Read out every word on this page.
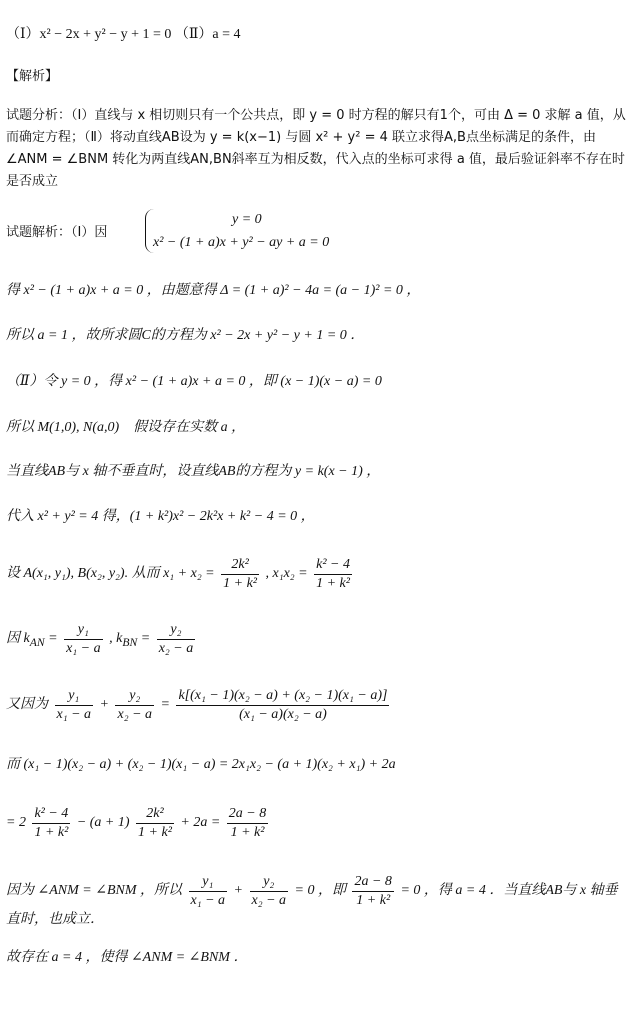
（Ⅰ）x² − 2x + y² − y + 1 = 0 （Ⅱ）a = 4
【解析】
试题分析：（Ⅰ）直线与 x 相切则只有一个公共点，即 y = 0 时方程的解只有1个，可由 Δ = 0 求解 a 值，从而确定方程；（Ⅱ）将动直线AB设为 y = k(x−1) 与圆 x² + y² = 4 联立求得A,B点坐标满足的条件，由 ∠ANM = ∠BNM 转化为两直线AN,BN斜率互为相反数，代入点的坐标可求得 a 值，最后验证斜率不存在时是否成立
试题解析：（Ⅰ）因
y = 0
x² − (1 + a)x + y² − ay + a = 0
得 x² − (1 + a)x + a = 0 ，由题意得 Δ = (1 + a)² − 4a = (a − 1)² = 0 ，
所以 a = 1 ，故所求圆C的方程为 x² − 2x + y² − y + 1 = 0 ．
（Ⅱ）令 y = 0 ，得 x² − (1 + a)x + a = 0 ，即 (x − 1)(x − a) = 0
所以 M(1,0), N(a,0)　假设存在实数 a ，
当直线AB与 x 轴不垂直时，设直线AB的方程为 y = k(x − 1) ，
代入 x² + y² = 4 得，(1 + k²)x² − 2k²x + k² − 4 = 0 ，
设 A(x₁, y₁), B(x₂, y₂). 从而 $x_1 + x_2 = \frac{\text{2k²}}{\text{1 + k²}}$ , $x_1x_2 = \frac{\text{k² − 4}}{\text{1 + k²}}$
因 $k_{AN} = \frac{\text{y₁}}{\text{x₁ − a}}$ , $k_{BN} = \frac{\text{y₂}}{\text{x₂ − a}}$
又因为 $\frac{\text{y₁}}{\text{x₁ − a}} + \frac{\text{y₂}}{\text{x₂ − a}} = \frac{\text{k[(x₁ − 1)(x₂ − a) + (x₂ − 1)(x₁ − a)]}}{\text{(x₁ − a)(x₂ − a)}}$
而 (x₁ − 1)(x₂ − a) + (x₂ − 1)(x₁ − a) = 2x₁x₂ − (a + 1)(x₂ + x₁) + 2a
= $2 \frac{\text{k² − 4}}{\text{1 + k²}} - (a + 1) \frac{\text{2k²}}{\text{1 + k²}} + 2a = \frac{2a - 8}{\text{1 + k²}}$
因为 ∠ANM = ∠BNM ，所以 $\frac{\text{y₁}}{\text{x₁ − a}} + \frac{\text{y₂}}{\text{x₂ − a}} = 0$ ，即 $\frac{2a - 8}{\text{1 + k²}} = 0$ ，得 a = 4 ．当直线AB与 x 轴垂
直时，也成立．
故存在 a = 4 ，使得 ∠ANM = ∠BNM ．
